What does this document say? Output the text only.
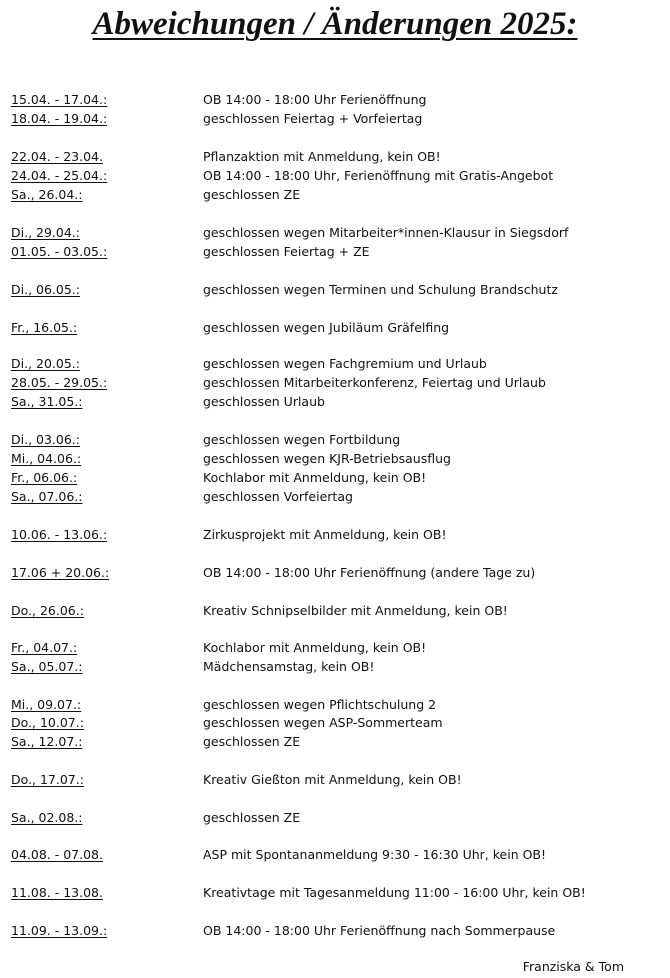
Abweichungen / Änderungen 2025:
15.04. - 17.04.:	OB 14:00 - 18:00 Uhr Ferienöffnung
18.04. - 19.04.:	geschlossen Feiertag + Vorfeiertag
22.04. - 23.04.	Pflanzaktion mit Anmeldung, kein OB!
24.04. - 25.04.:	OB 14:00 - 18:00 Uhr, Ferienöffnung mit Gratis-Angebot
Sa., 26.04.:	geschlossen ZE
Di., 29.04.:	geschlossen wegen Mitarbeiter*innen-Klausur in Siegsdorf
01.05. - 03.05.:	geschlossen Feiertag + ZE
Di., 06.05.:	geschlossen wegen Terminen und Schulung Brandschutz
Fr., 16.05.:	geschlossen wegen Jubiläum Gräfelfing
Di., 20.05.:	geschlossen wegen Fachgremium und Urlaub
28.05. - 29.05.:	geschlossen Mitarbeiterkonferenz, Feiertag und Urlaub
Sa., 31.05.:	geschlossen Urlaub
Di., 03.06.:	geschlossen wegen Fortbildung
Mi., 04.06.:	geschlossen wegen KJR-Betriebsausflug
Fr., 06.06.:	Kochlabor mit Anmeldung, kein OB!
Sa., 07.06.:	geschlossen Vorfeiertag
10.06. - 13.06.:	Zirkusprojekt mit Anmeldung, kein OB!
17.06 + 20.06.:	OB 14:00 - 18:00 Uhr Ferienöffnung (andere Tage zu)
Do., 26.06.:	Kreativ Schnipselbilder mit Anmeldung, kein OB!
Fr., 04.07.:	Kochlabor mit Anmeldung, kein OB!
Sa., 05.07.:	Mädchensamstag, kein OB!
Mi., 09.07.:	geschlossen wegen Pflichtschulung 2
Do., 10.07.:	geschlossen wegen ASP-Sommerteam
Sa., 12.07.:	geschlossen ZE
Do., 17.07.:	Kreativ Gießton mit Anmeldung, kein OB!
Sa., 02.08.:	geschlossen ZE
04.08. - 07.08.	ASP mit Spontananmeldung 9:30 - 16:30 Uhr, kein OB!
11.08. - 13.08.	Kreativtage mit Tagesanmeldung 11:00 - 16:00 Uhr, kein OB!
11.09. - 13.09.:	OB 14:00 - 18:00 Uhr Ferienöffnung nach Sommerpause
Franziska & Tom
